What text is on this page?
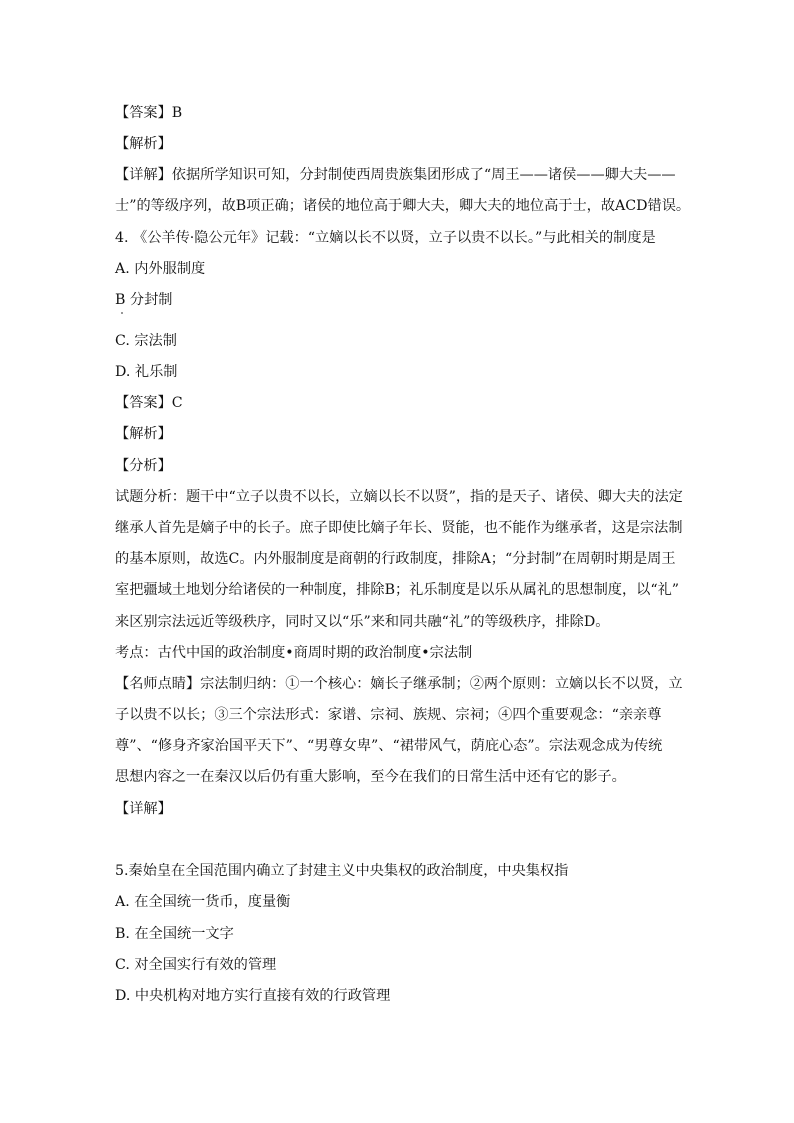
【答案】B
【解析】
【详解】依据所学知识可知，分封制使西周贵族集团形成了“周王——诸侯——卿大夫——
士”的等级序列，故B项正确；诸侯的地位高于卿大夫，卿大夫的地位高于士，故ACD错误。
4. 《公羊传·隐公元年》记载：“立嫡以长不以贤，立子以贵不以长。”与此相关的制度是
A. 内外服制度
B 分封制
C. 宗法制
D. 礼乐制
【答案】C
【解析】
【分析】
试题分析：题干中“立子以贵不以长，立嫡以长不以贤”，指的是天子、诸侯、卿大夫的法定
继承人首先是嫡子中的长子。庶子即使比嫡子年长、贤能，也不能作为继承者，这是宗法制
的基本原则，故选C。内外服制度是商朝的行政制度，排除A；“分封制”在周朝时期是周王
室把疆域土地划分给诸侯的一种制度，排除B；礼乐制度是以乐从属礼的思想制度，以“礼”
来区别宗法远近等级秩序，同时又以“乐”来和同共融“礼”的等级秩序，排除D。
考点：古代中国的政治制度•商周时期的政治制度•宗法制
【名师点睛】宗法制归纳：①一个核心：嫡长子继承制；②两个原则：立嫡以长不以贤，立
子以贵不以长；③三个宗法形式：家谱、宗祠、族规、宗祠；④四个重要观念：“亲亲尊
尊”、“修身齐家治国平天下”、“男尊女卑”、“裙带风气，荫庇心态”。宗法观念成为传统
思想内容之一在秦汉以后仍有重大影响，至今在我们的日常生活中还有它的影子。
【详解】
5.秦始皇在全国范围内确立了封建主义中央集权的政治制度，中央集权指
A. 在全国统一货币，度量衡
B. 在全国统一文字
C. 对全国实行有效的管理
D. 中央机构对地方实行直接有效的行政管理
